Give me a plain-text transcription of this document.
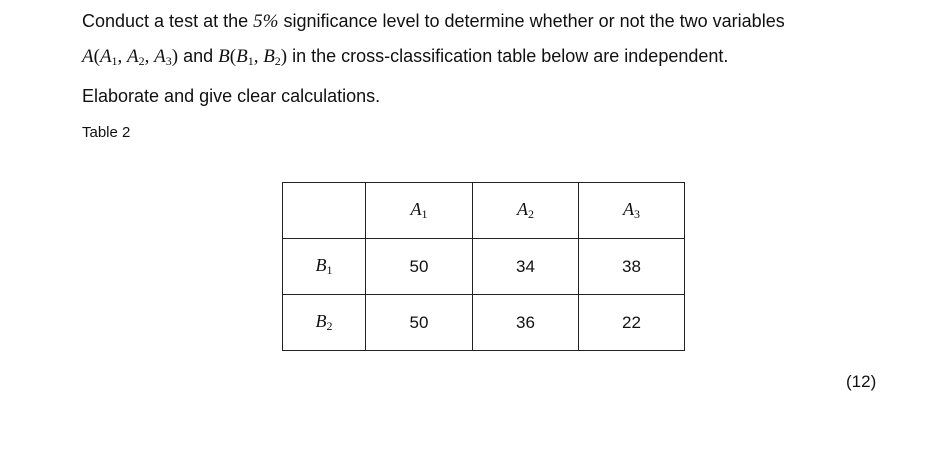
Conduct a test at the 5% significance level to determine whether or not the two variables
$A(A_1$, $A_2$, $A_3$) and $B(B_1$, $B_2$) in the cross-classification table below are independent.
Elaborate and give clear calculations.
Table 2
	$A_1$	$A_2$	$A_3$
$B_1$	50	34	38
$B_2$	50	36	22
(12)
